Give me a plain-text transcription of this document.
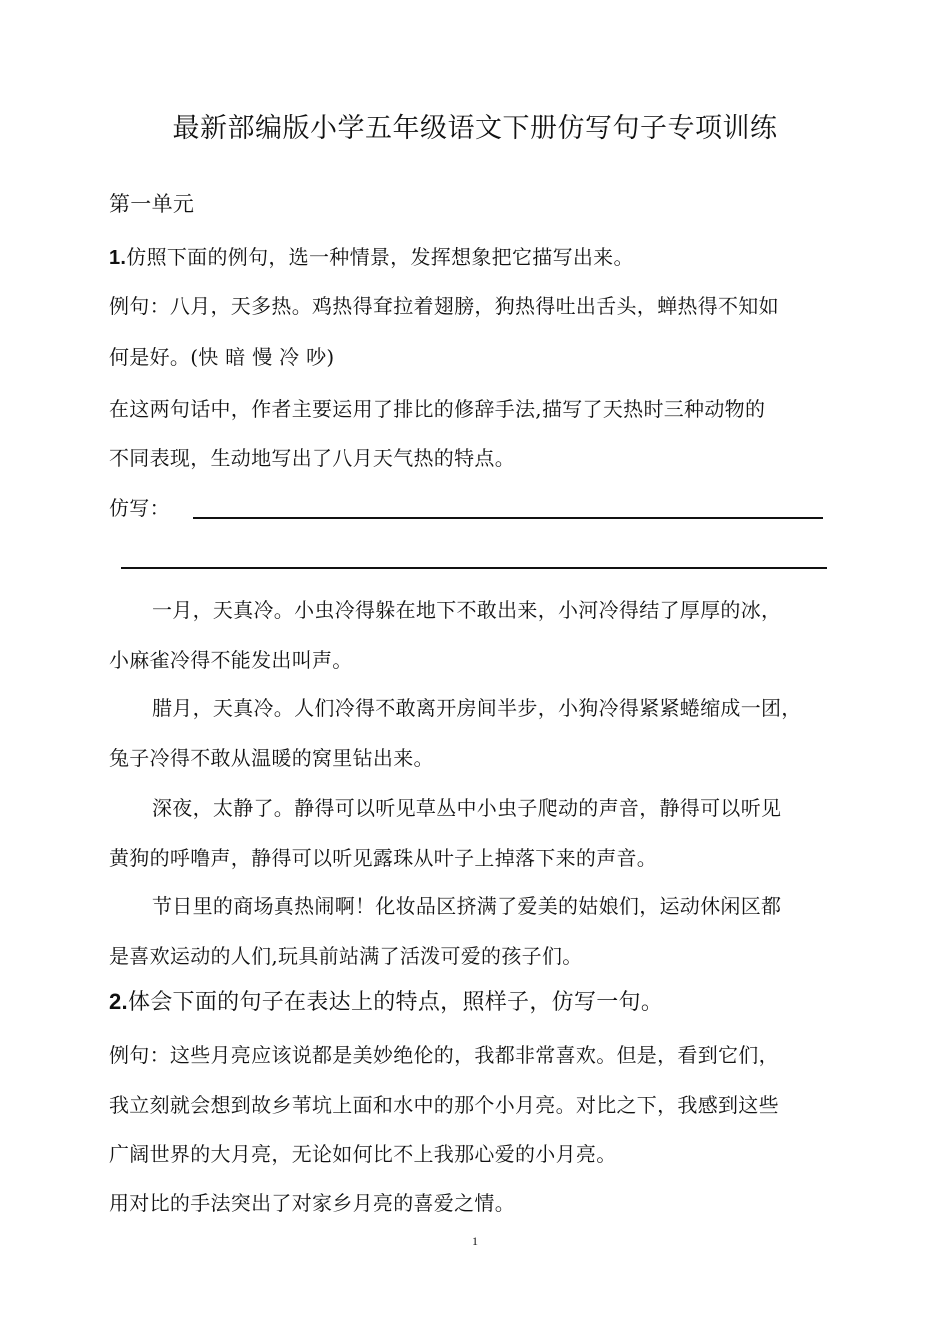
最新部编版小学五年级语文下册仿写句子专项训练
第一单元
1.仿照下面的例句，选一种情景，发挥想象把它描写出来。
例句：八月，天多热。鸡热得耷拉着翅膀，狗热得吐出舌头，蝉热得不知如
何是好。(快 暗 慢 冷 吵)
在这两句话中，作者主要运用了排比的修辞手法,描写了天热时三种动物的
不同表现，生动地写出了八月天气热的特点。
仿写：
一月，天真冷。小虫冷得躲在地下不敢出来，小河冷得结了厚厚的冰，
小麻雀冷得不能发出叫声。
腊月，天真冷。人们冷得不敢离开房间半步，小狗冷得紧紧蜷缩成一团，
兔子冷得不敢从温暖的窝里钻出来。
深夜，太静了。静得可以听见草丛中小虫子爬动的声音，静得可以听见
黄狗的呼噜声，静得可以听见露珠从叶子上掉落下来的声音。
节日里的商场真热闹啊！化妆品区挤满了爱美的姑娘们，运动休闲区都
是喜欢运动的人们,玩具前站满了活泼可爱的孩子们。
2.体会下面的句子在表达上的特点，照样子，仿写一句。
例句：这些月亮应该说都是美妙绝伦的，我都非常喜欢。但是，看到它们，
我立刻就会想到故乡苇坑上面和水中的那个小月亮。对比之下，我感到这些
广阔世界的大月亮，无论如何比不上我那心爱的小月亮。
用对比的手法突出了对家乡月亮的喜爱之情。
1
